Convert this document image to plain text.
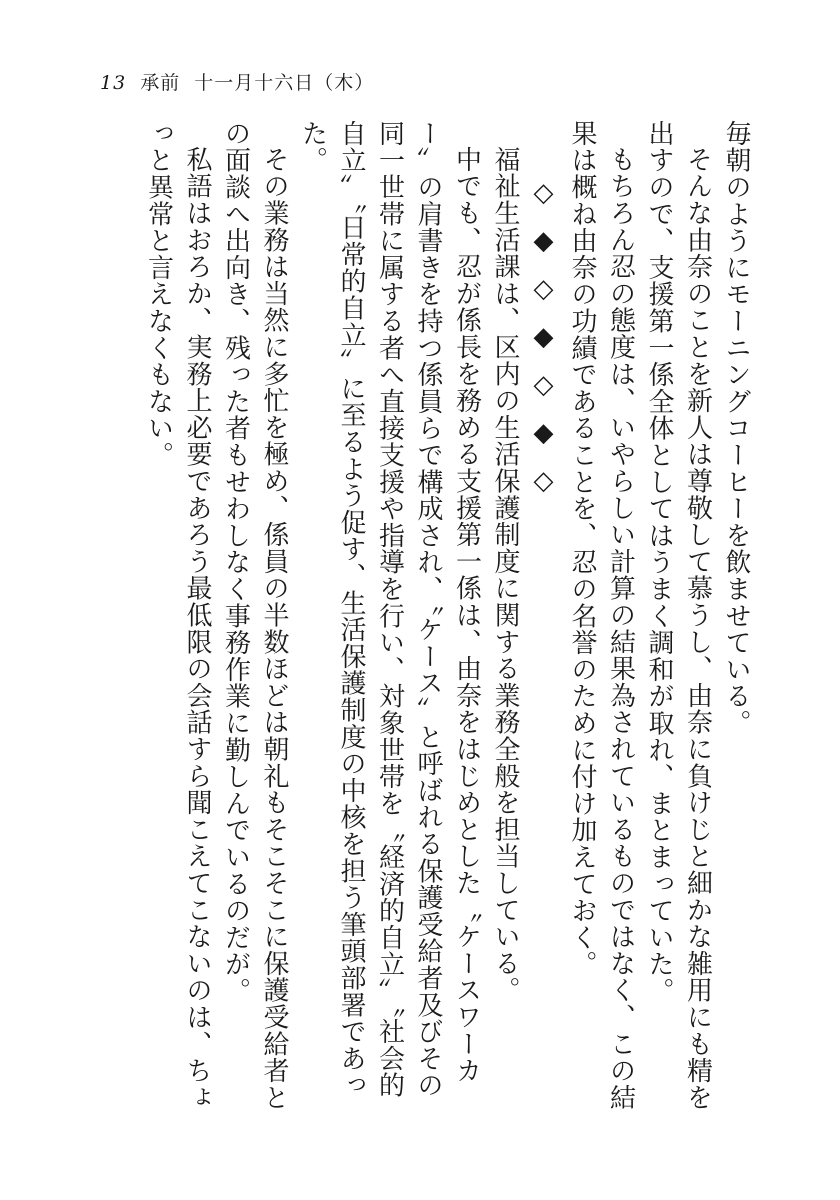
13 承前 十一月十六日（木）

毎朝のようにモーニングコーヒーを飲ませている。

そんな由奈のことを新人は尊敬して慕うし、由奈に負けじと細かな雑用にも精を出すので、支援第一係全体としてはうまく調和が取れ、まとまっていた。

もちろん忍の態度は、いやらしい計算の結果為されているものではなく、この結果は概ね由奈の功績であることを、忍の名誉のために付け加えておく。

◇◆◇◆◇◆◇

福祉生活課は、区内の生活保護制度に関する業務全般を担当している。

中でも、忍が係長を務める支援第一係は、由奈をはじめとした〝ケースワーカー〟の肩書きを持つ係員らで構成され、〝ケース〟と呼ばれる保護受給者及びその同一世帯に属する者へ直接支援や指導を行い、対象世帯を〝経済的自立〟〝社会的自立〟〝日常的自立〟に至るよう促す、生活保護制度の中核を担う筆頭部署であった。

その業務は当然に多忙を極め、係員の半数ほどは朝礼もそこそこに保護受給者との面談へ出向き、残った者もせわしなく事務作業に勤しんでいるのだが。

私語はおろか、実務上必要であろう最低限の会話すら聞こえてこないのは、ちょっと異常と言えなくもない。
